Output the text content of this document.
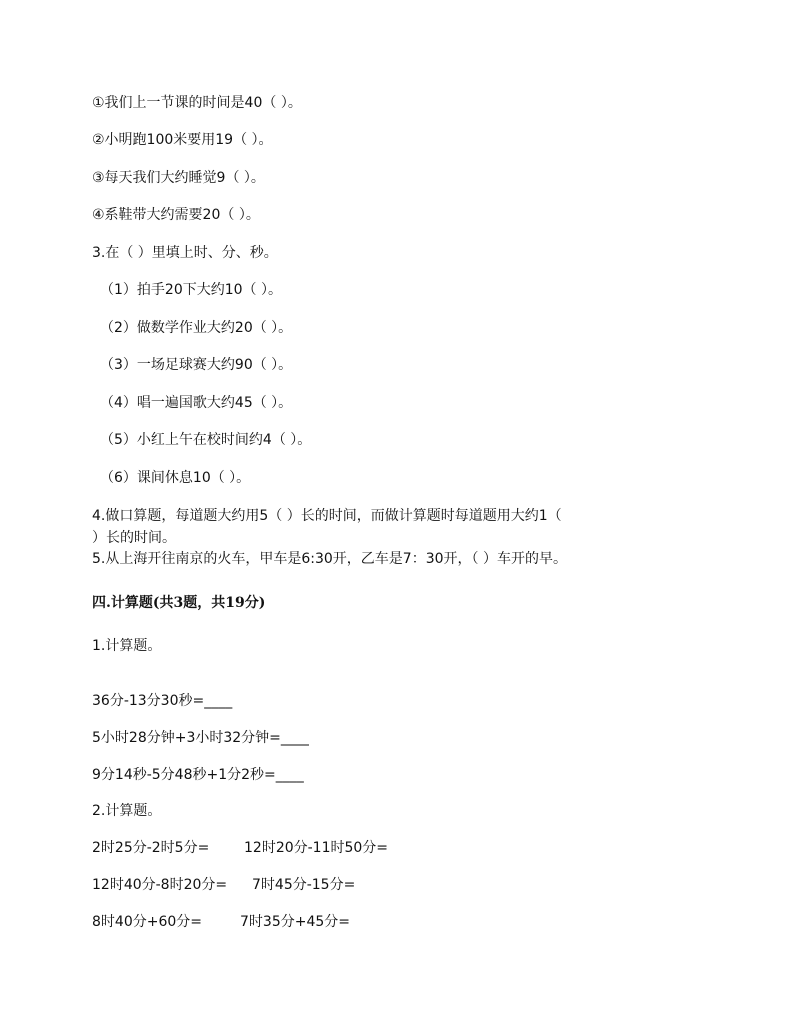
①我们上一节课的时间是40（ ）。
②小明跑100米要用19（ ）。
③每天我们大约睡觉9（ ）。
④系鞋带大约需要20（ ）。
3.在（ ）里填上时、分、秒。
（1）拍手20下大约10（ ）。
（2）做数学作业大约20（ ）。
（3）一场足球赛大约90（ ）。
（4）唱一遍国歌大约45（ ）。
（5）小红上午在校时间约4（ ）。
（6）课间休息10（ ）。
4.做口算题，每道题大约用5（ ）长的时间，而做计算题时每道题用大约1（
）长的时间。
5.从上海开往南京的火车，甲车是6:30开，乙车是7：30开，（ ）车开的早。
四.计算题(共3题，共19分)
1.计算题。
36分-13分30秒=____
5小时28分钟+3小时32分钟=____
9分14秒-5分48秒+1分2秒=____
2.计算题。
2时25分-2时5分= 12时20分-11时50分=
12时40分-8时20分= 7时45分-15分=
8时40分+60分=	7时35分+45分=
